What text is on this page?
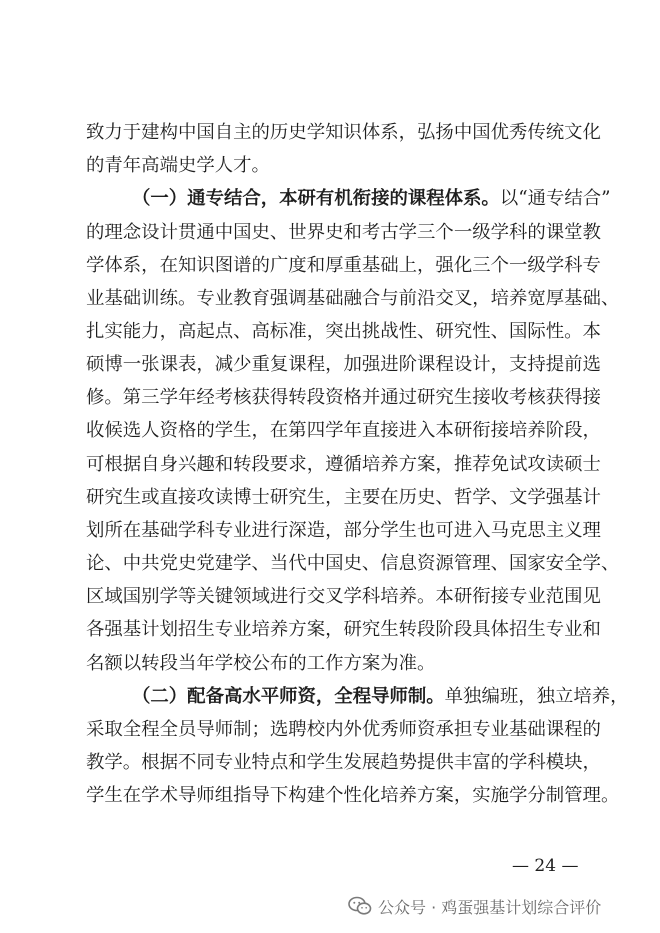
致力于建构中国自主的历史学知识体系，弘扬中国优秀传统文化
的青年高端史学人才。
（一）通专结合，本研有机衔接的课程体系。以“通专结合”
的理念设计贯通中国史、世界史和考古学三个一级学科的课堂教
学体系，在知识图谱的广度和厚重基础上，强化三个一级学科专
业基础训练。专业教育强调基础融合与前沿交叉，培养宽厚基础、
扎实能力，高起点、高标准，突出挑战性、研究性、国际性。本
硕博一张课表，减少重复课程，加强进阶课程设计，支持提前选
修。第三学年经考核获得转段资格并通过研究生接收考核获得接
收候选人资格的学生，在第四学年直接进入本研衔接培养阶段，
可根据自身兴趣和转段要求，遵循培养方案，推荐免试攻读硕士
研究生或直接攻读博士研究生，主要在历史、哲学、文学强基计
划所在基础学科专业进行深造，部分学生也可进入马克思主义理
论、中共党史党建学、当代中国史、信息资源管理、国家安全学、
区域国别学等关键领域进行交叉学科培养。本研衔接专业范围见
各强基计划招生专业培养方案，研究生转段阶段具体招生专业和
名额以转段当年学校公布的工作方案为准。
（二）配备高水平师资，全程导师制。单独编班，独立培养，
采取全程全员导师制；选聘校内外优秀师资承担专业基础课程的
教学。根据不同专业特点和学生发展趋势提供丰富的学科模块，
学生在学术导师组指导下构建个性化培养方案，实施学分制管理。
— 24 —
公众号 · 鸡蛋强基计划综合评价
